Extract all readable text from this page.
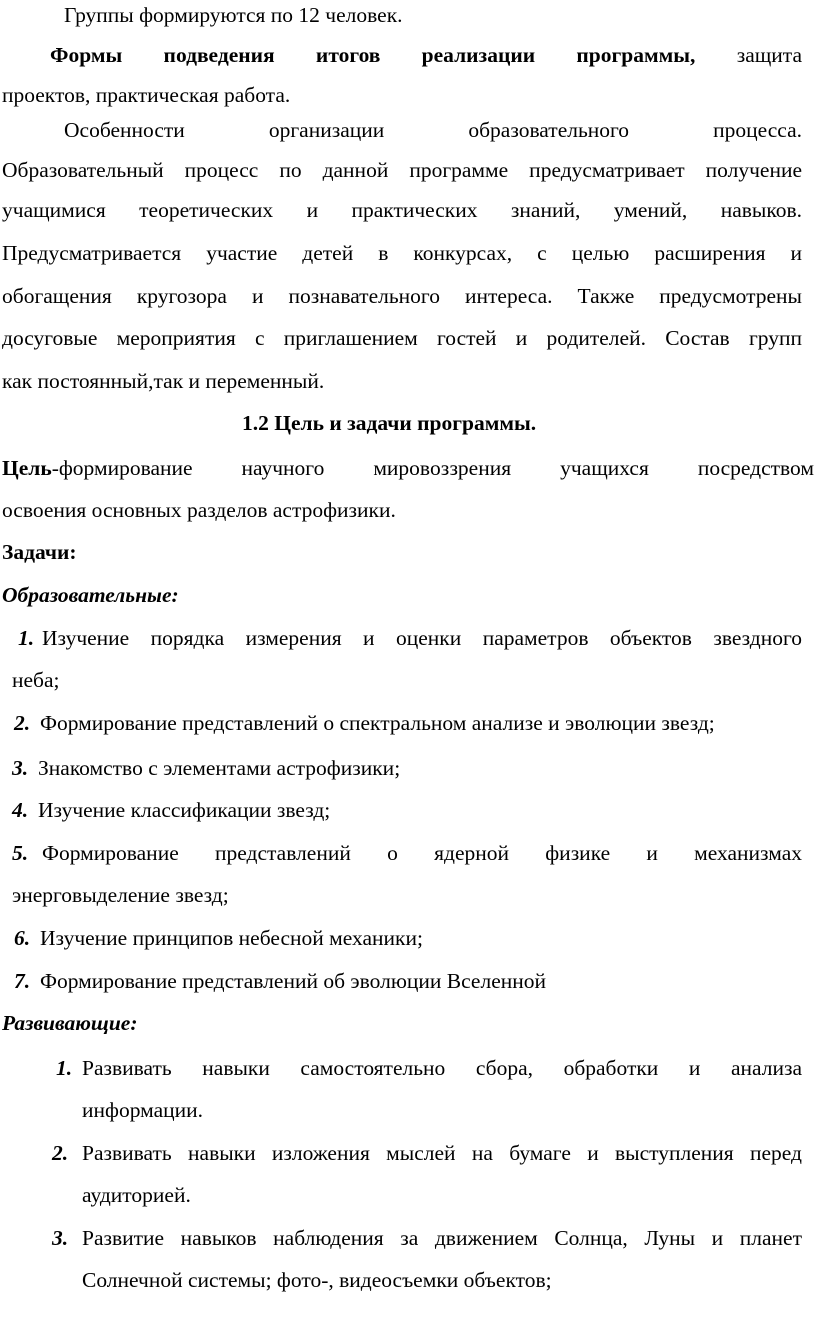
Группы формируются по 12 человек.
Формы подведения итогов реализации программы, защита
проектов, практическая работа.
Особенности организации образовательного процесса.
Образовательный процесс по данной программе предусматривает получение
учащимися теоретических и практических знаний, умений, навыков.
Предусматривается участие детей в конкурсах, с целью расширения и
обогащения кругозора и познавательного интереса. Также предусмотрены
досуговые мероприятия с приглашением гостей и родителей. Состав групп
как постоянный,так и переменный.
1.2 Цель и задачи программы.
Цель-формирование научного мировоззрения учащихся посредством
освоения основных разделов астрофизики.
Задачи:
Образовательные:
1. Изучение порядка измерения и оценки параметров объектов звездного
неба;
2. Формирование представлений о спектральном анализе и эволюции звезд;
3. Знакомство с элементами астрофизики;
4. Изучение классификации звезд;
5. Формирование представлений о ядерной физике и механизмах
энерговыделение звезд;
6. Изучение принципов небесной механики;
7. Формирование представлений об эволюции Вселенной
Развивающие:
1. Развивать навыки самостоятельно сбора, обработки и анализа
информации.
2. Развивать навыки изложения мыслей на бумаге и выступления перед
аудиторией.
3. Развитие навыков наблюдения за движением Солнца, Луны и планет
Солнечной системы; фото-, видеосъемки объектов;
